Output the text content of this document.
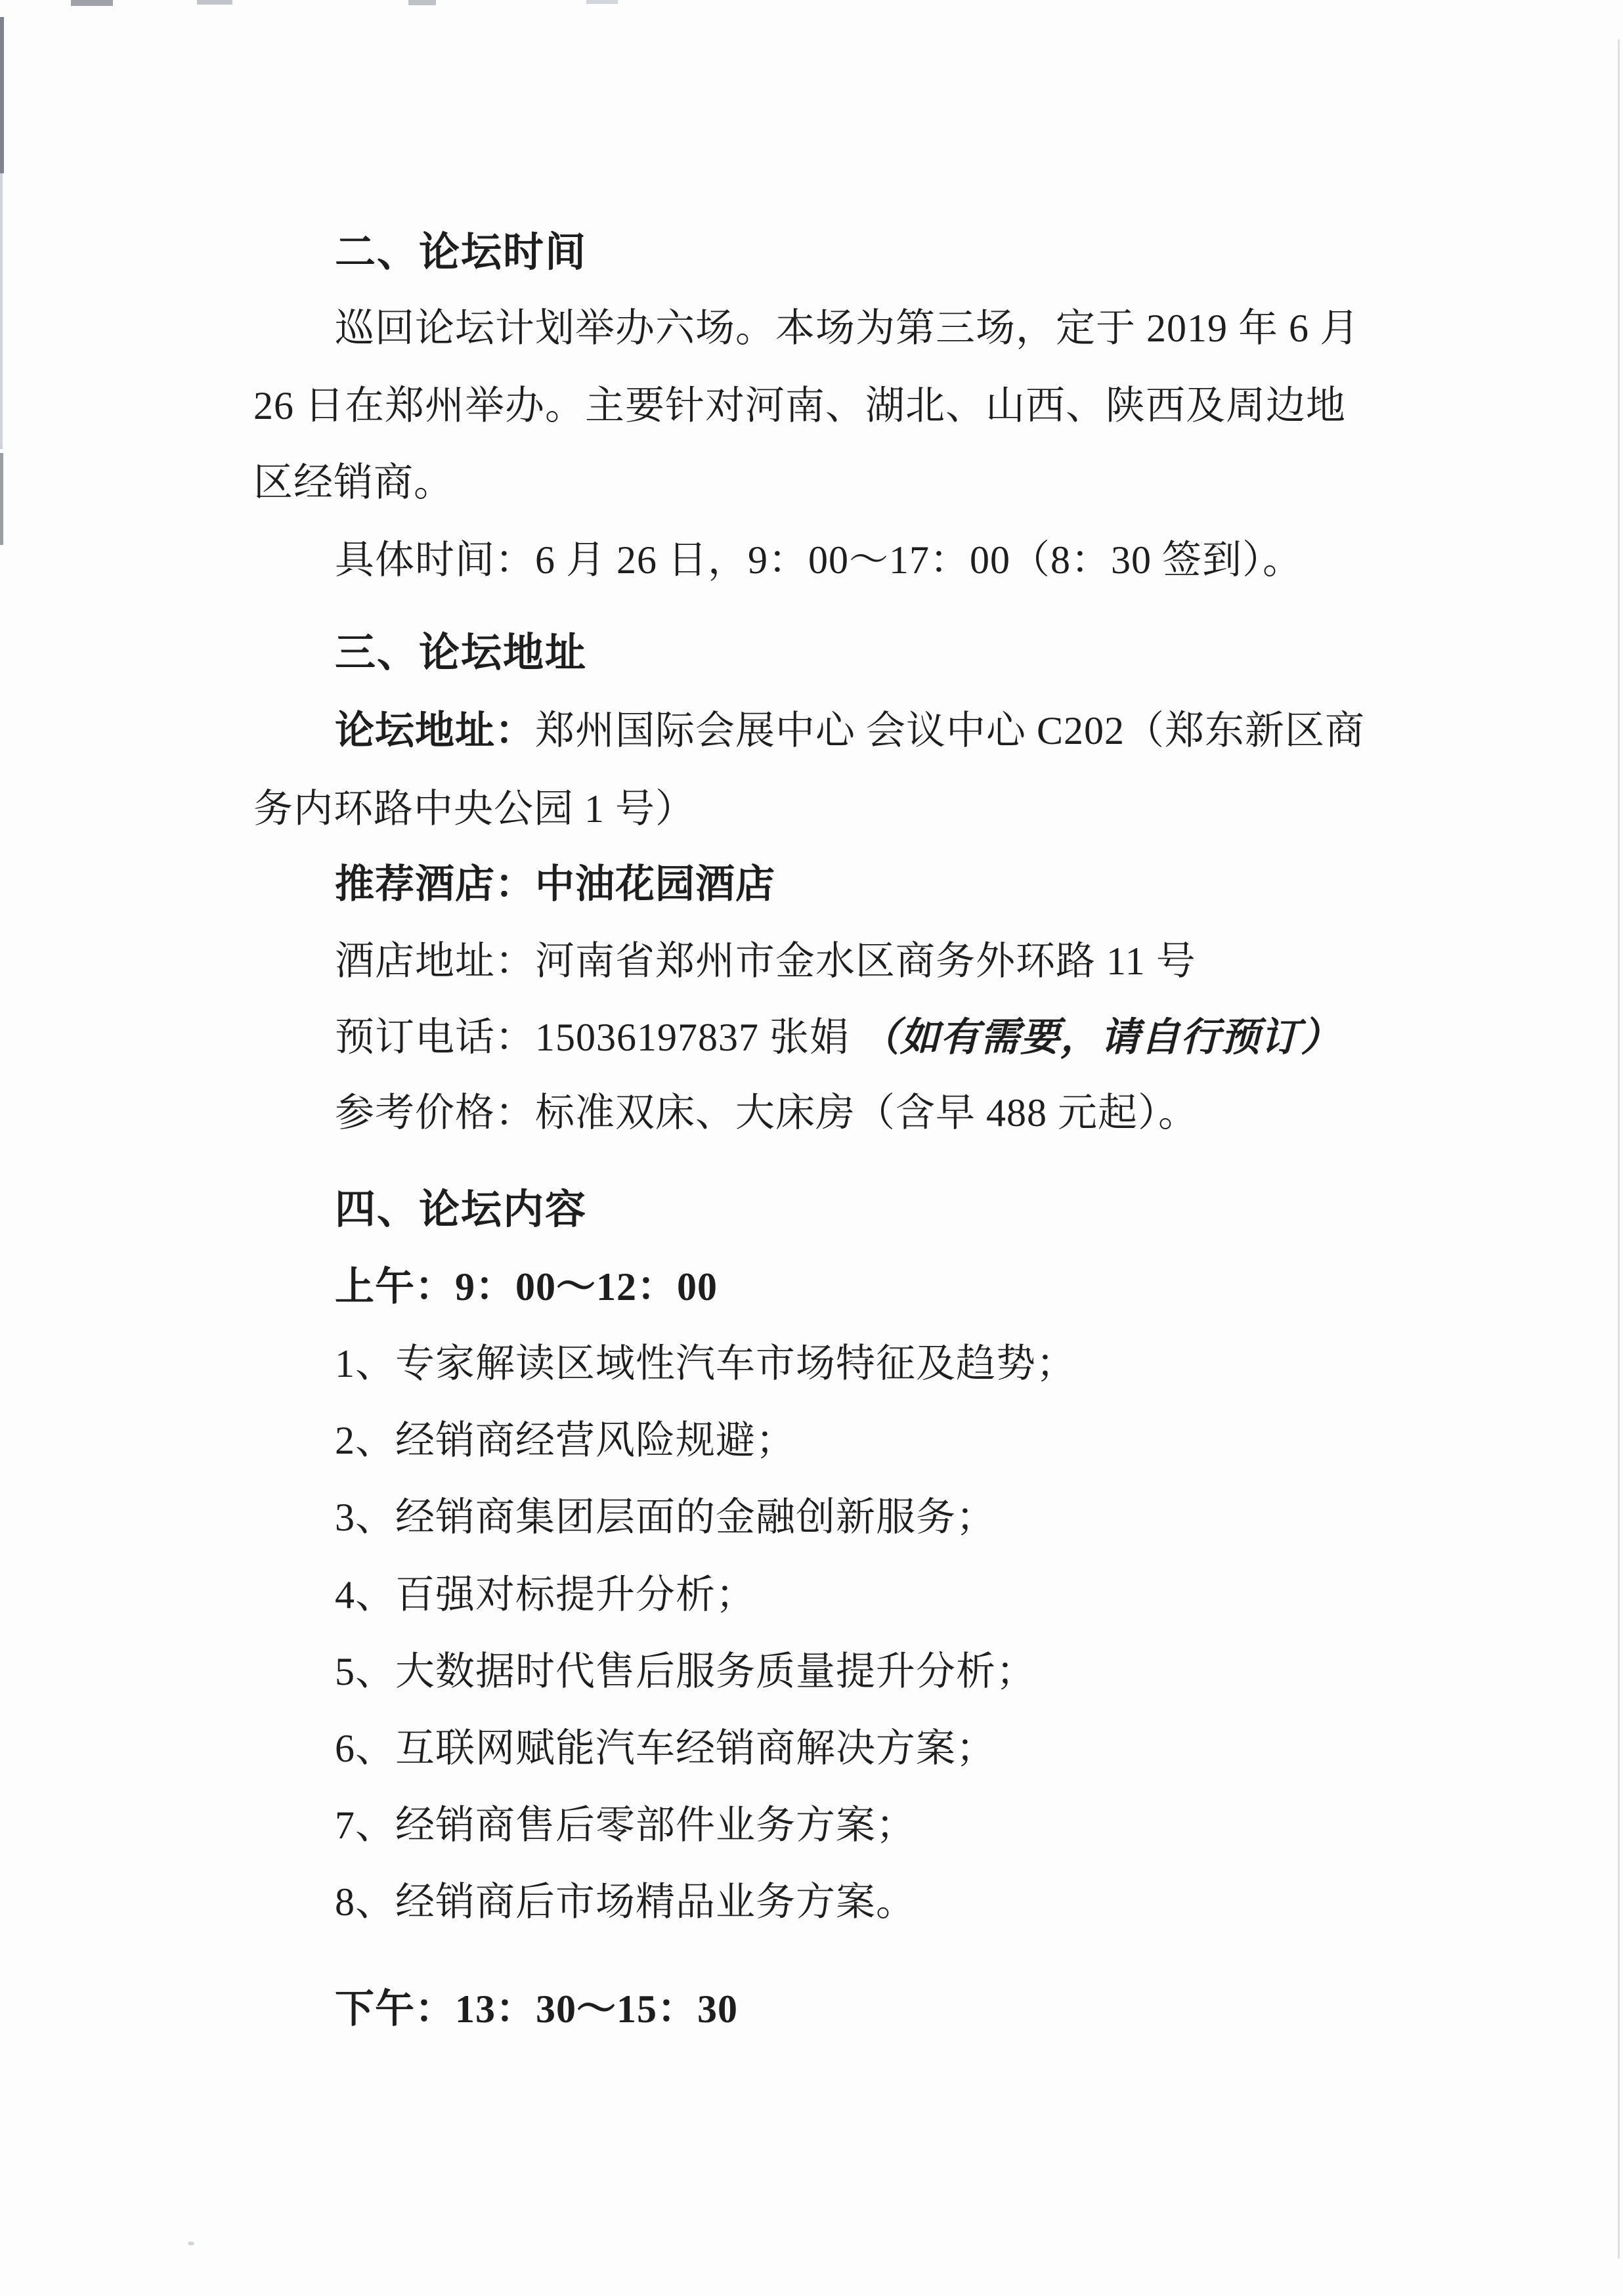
二、论坛时间
巡回论坛计划举办六场。本场为第三场，定于 2019 年 6 月
26 日在郑州举办。主要针对河南、湖北、山西、陕西及周边地
区经销商。
具体时间：6 月 26 日，9：00～17：00（8：30 签到）。
三、论坛地址
论坛地址：郑州国际会展中心 会议中心 C202（郑东新区商
务内环路中央公园 1 号）
推荐酒店：中油花园酒店
酒店地址：河南省郑州市金水区商务外环路 11 号
预订电话：15036197837 张娟 （如有需要，请自行预订）
参考价格：标准双床、大床房（含早 488 元起）。
四、论坛内容
上午：9：00～12：00
1、专家解读区域性汽车市场特征及趋势；
2、经销商经营风险规避；
3、经销商集团层面的金融创新服务；
4、百强对标提升分析；
5、大数据时代售后服务质量提升分析；
6、互联网赋能汽车经销商解决方案；
7、经销商售后零部件业务方案；
8、经销商后市场精品业务方案。
下午：13：30～15：30
